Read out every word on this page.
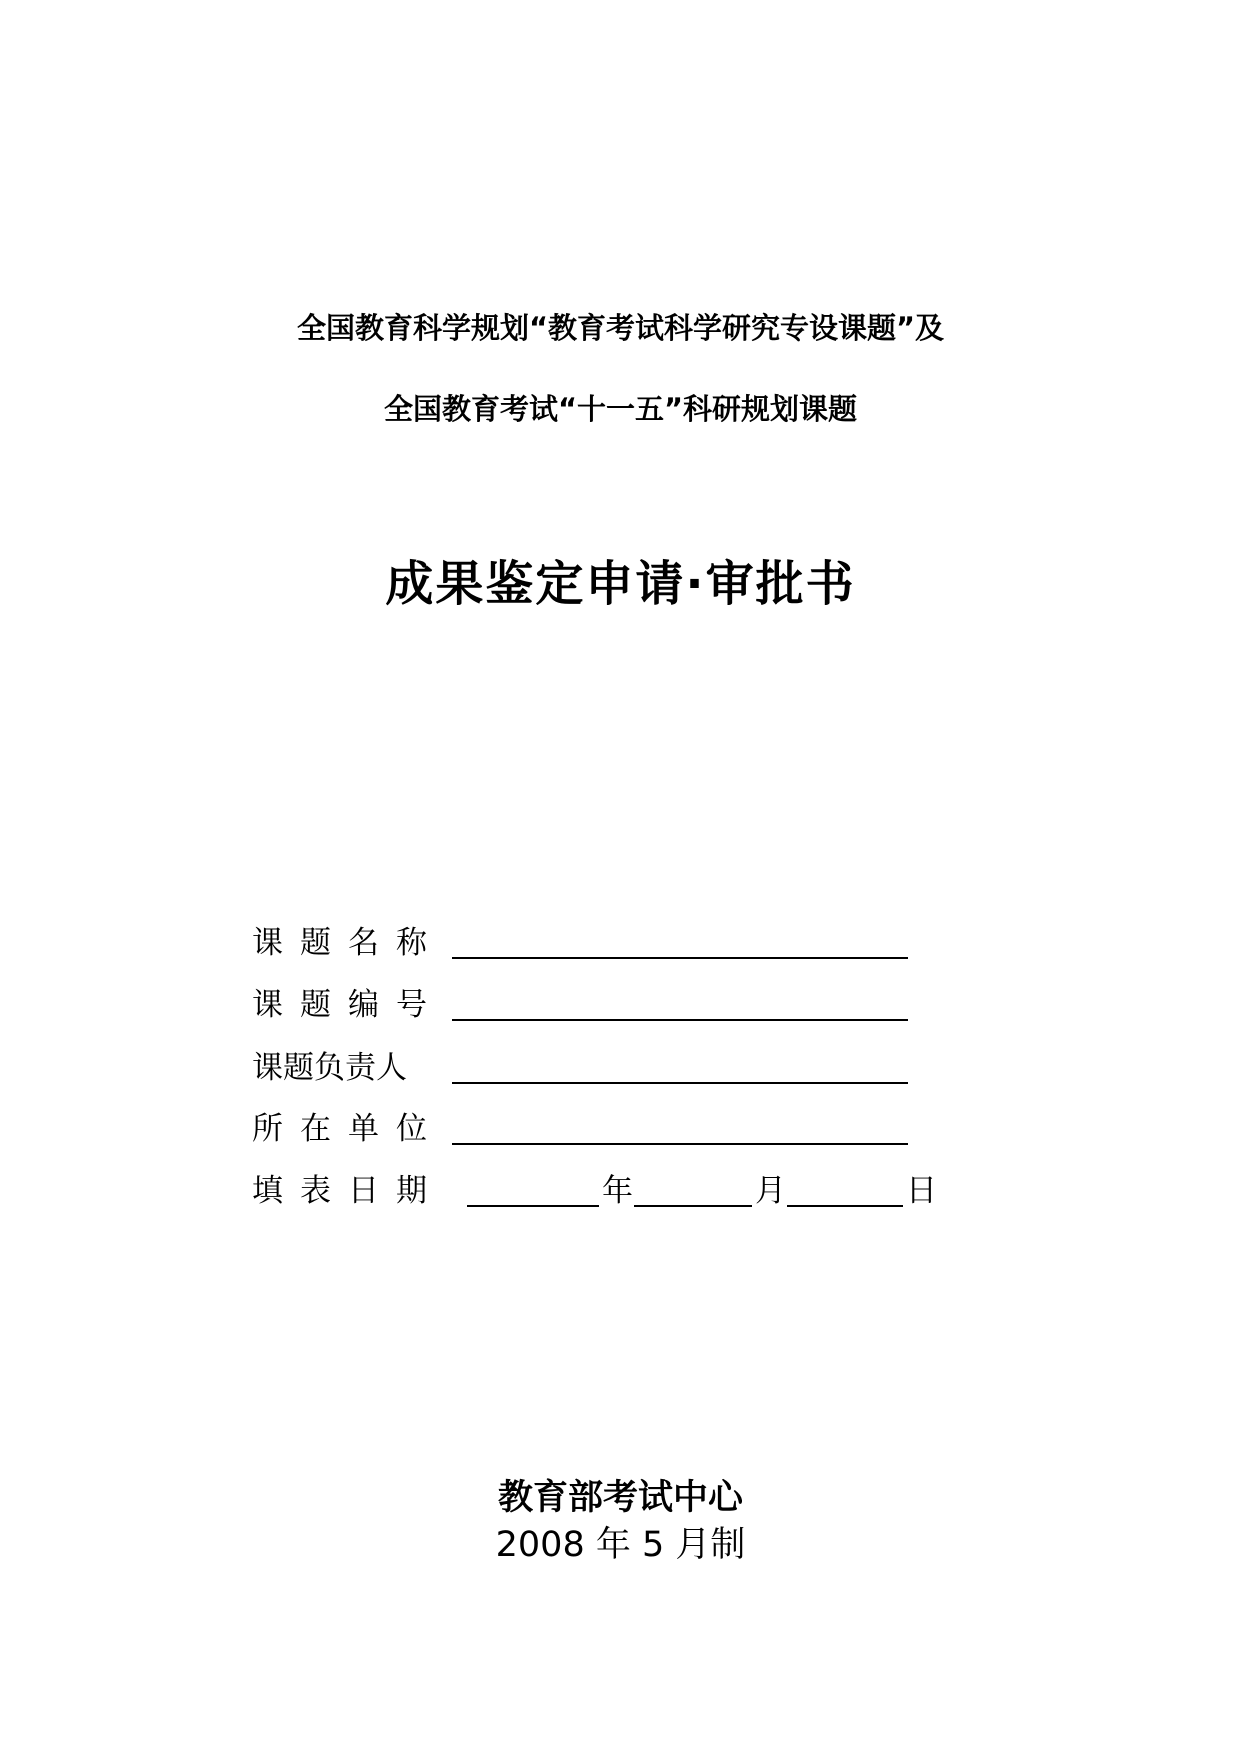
全国教育科学规划“教育考试科学研究专设课题”及
全国教育考试“十一五”科研规划课题
成果鉴定申请·审批书
课题名称
课题编号
课题负责人
所在单位
填表日期	年	月	日
教育部考试中心
2008 年 5 月制
